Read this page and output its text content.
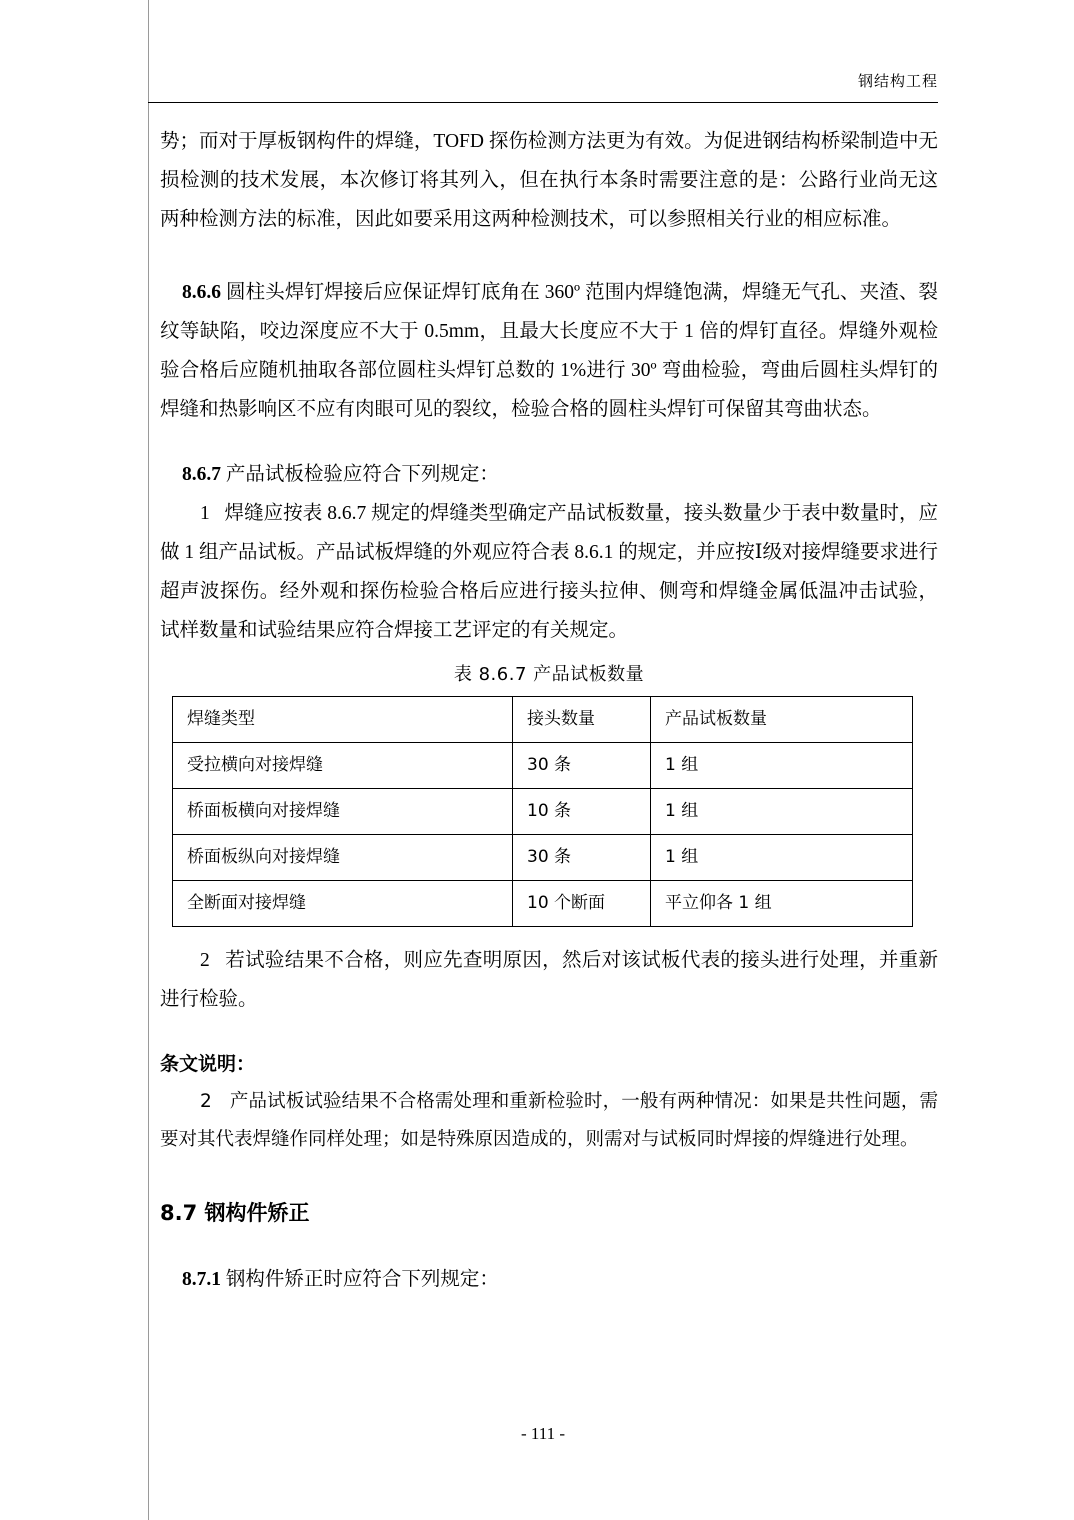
钢结构工程

势；而对于厚板钢构件的焊缝，TOFD 探伤检测方法更为有效。为促进钢结构桥梁制造中无损检测的技术发展，本次修订将其列入，但在执行本条时需要注意的是：公路行业尚无这两种检测方法的标准，因此如要采用这两种检测技术，可以参照相关行业的相应标准。

8.6.6 圆柱头焊钉焊接后应保证焊钉底角在 360º 范围内焊缝饱满，焊缝无气孔、夹渣、裂纹等缺陷，咬边深度应不大于 0.5mm，且最大长度应不大于 1 倍的焊钉直径。焊缝外观检验合格后应随机抽取各部位圆柱头焊钉总数的 1%进行 30º 弯曲检验，弯曲后圆柱头焊钉的焊缝和热影响区不应有肉眼可见的裂纹，检验合格的圆柱头焊钉可保留其弯曲状态。

8.6.7 产品试板检验应符合下列规定：

1 焊缝应按表 8.6.7 规定的焊缝类型确定产品试板数量，接头数量少于表中数量时，应做 1 组产品试板。产品试板焊缝的外观应符合表 8.6.1 的规定，并应按Ⅰ级对接焊缝要求进行超声波探伤。经外观和探伤检验合格后应进行接头拉伸、侧弯和焊缝金属低温冲击试验，试样数量和试验结果应符合焊接工艺评定的有关规定。

表 8.6.7 产品试板数量
焊缝类型	接头数量	产品试板数量
受拉横向对接焊缝	30 条	1 组
桥面板横向对接焊缝	10 条	1 组
桥面板纵向对接焊缝	30 条	1 组
全断面对接焊缝	10 个断面	平立仰各 1 组

2 若试验结果不合格，则应先查明原因，然后对该试板代表的接头进行处理，并重新进行检验。

条文说明：

2 产品试板试验结果不合格需处理和重新检验时，一般有两种情况：如果是共性问题，需要对其代表焊缝作同样处理；如是特殊原因造成的，则需对与试板同时焊接的焊缝进行处理。

8.7 钢构件矫正

8.7.1 钢构件矫正时应符合下列规定：

- 111 -
